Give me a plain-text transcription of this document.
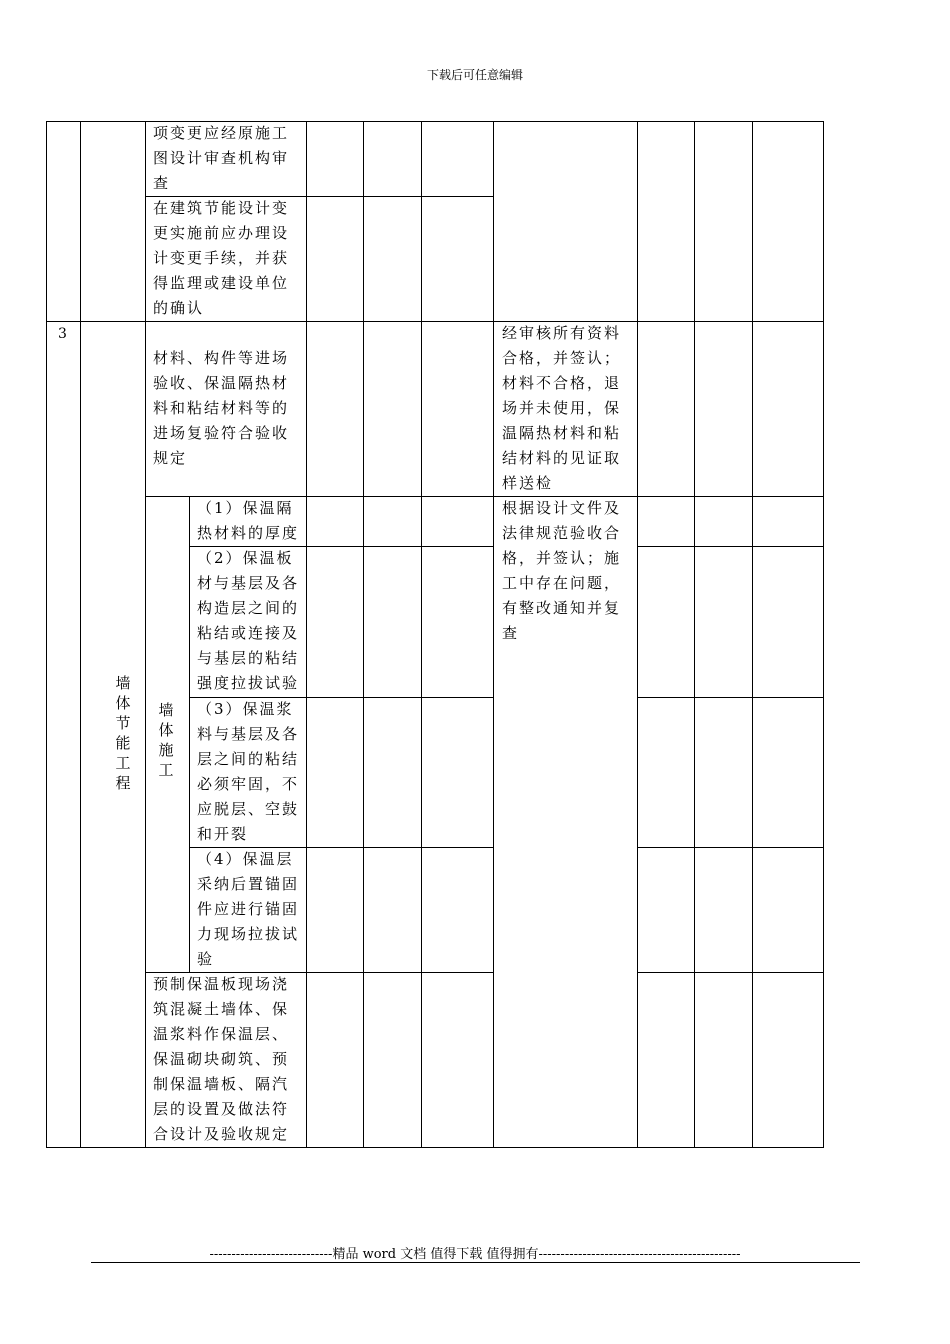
下载后可任意编辑
项变更应经原施工图设计审查机构审查
在建筑节能设计变更实施前应办理设计变更手续，并获得监理或建设单位的确认
3
墙体节能工程
材料、构件等进场验收、保温隔热材料和粘结材料等的进场复验符合验收规定
经审核所有资料合格，并签认；材料不合格，退场并未使用，保温隔热材料和粘结材料的见证取样送检
墙体施工
（1）保温隔热材料的厚度
（2）保温板材与基层及各构造层之间的粘结或连接及与基层的粘结强度拉拔试验
（3）保温浆料与基层及各层之间的粘结必须牢固，不应脱层、空鼓和开裂
（4）保温层采纳后置锚固件应进行锚固力现场拉拔试验
根据设计文件及法律规范验收合格，并签认；施工中存在问题，有整改通知并复查
预制保温板现场浇筑混凝土墙体、保温浆料作保温层、保温砌块砌筑、预制保温墙板、隔汽层的设置及做法符合设计及验收规定
----------------------------精品 word 文档 值得下载 值得拥有----------------------------------------------
